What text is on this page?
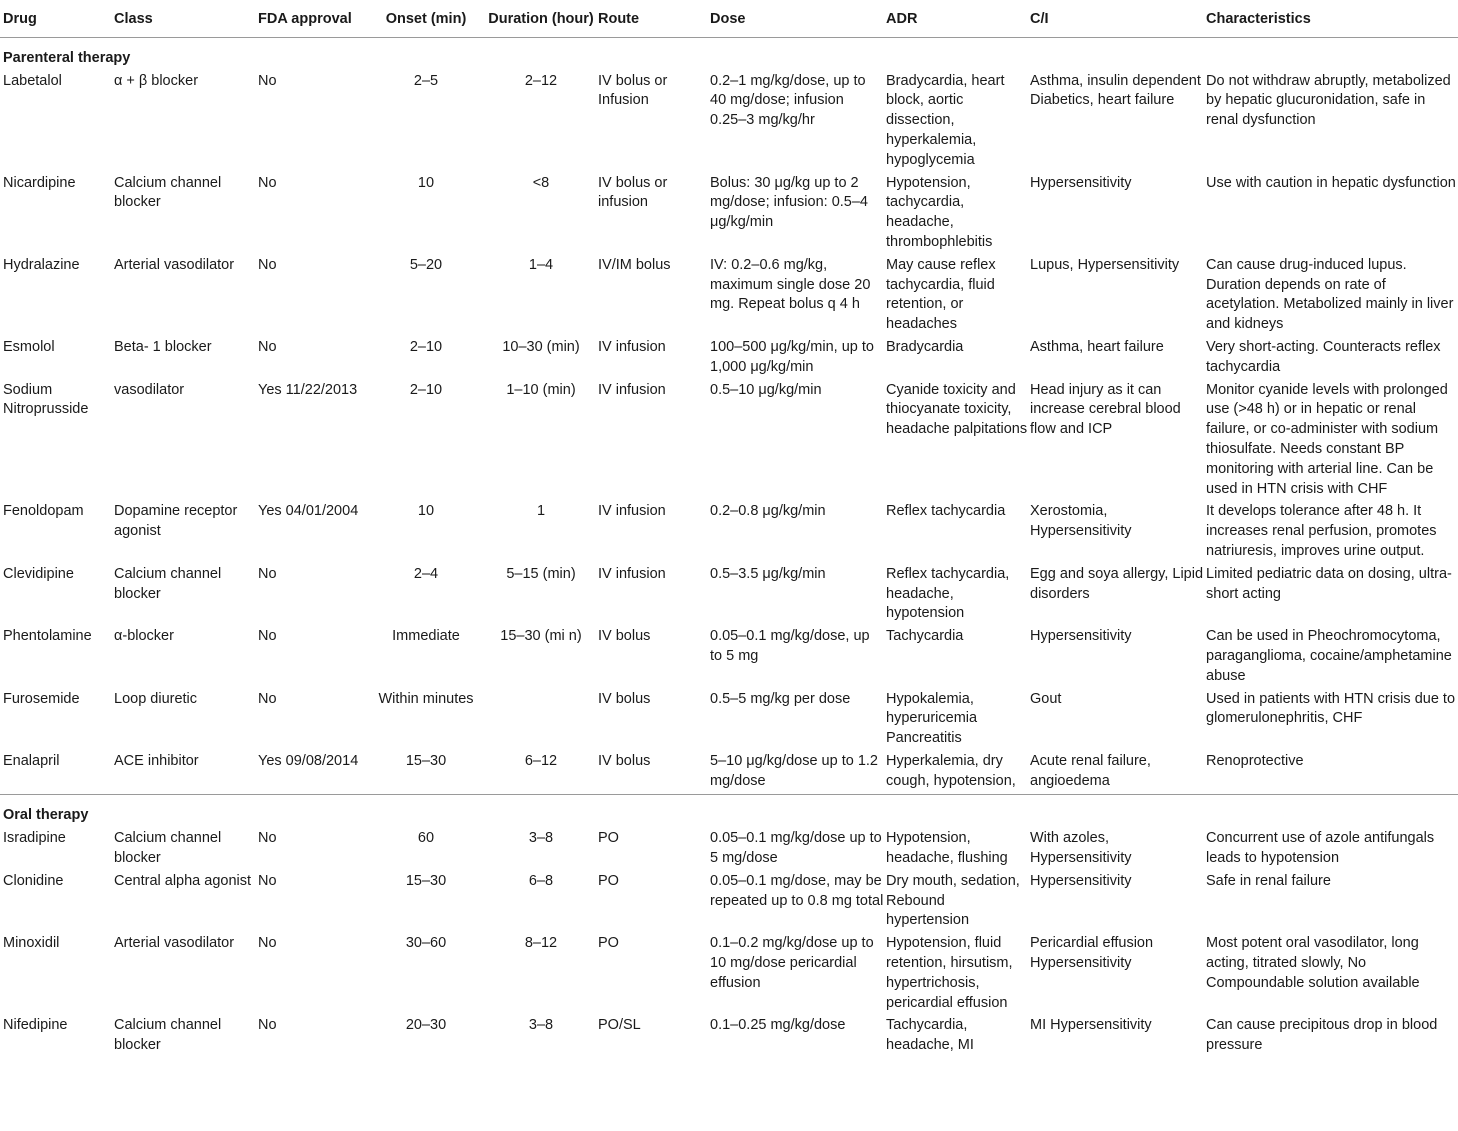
Drug	Class	FDA approval	Onset (min)	Duration (hour)	Route	Dose	ADR	C/I	Characteristics
Parenteral therapy									
Labetalol	α + β blocker	No	2–5	2–12	IV bolus or Infusion	0.2–1 mg/kg/dose, up to 40 mg/dose; infusion 0.25–3 mg/kg/hr	Bradycardia, heart block, aortic dissection, hyperkalemia, hypoglycemia	Asthma, insulin dependent Diabetics, heart failure	Do not withdraw abruptly, metabolized by hepatic glucuronidation, safe in renal dysfunction
Nicardipine	Calcium channel blocker	No	10	<8	IV bolus or infusion	Bolus: 30 μg/kg up to 2 mg/dose; infusion: 0.5–4 μg/kg/min	Hypotension, tachycardia, headache, thrombophlebitis	Hypersensitivity	Use with caution in hepatic dysfunction
Hydralazine	Arterial vasodilator	No	5–20	1–4	IV/IM bolus	IV: 0.2–0.6 mg/kg, maximum single dose 20 mg. Repeat bolus q 4 h	May cause reflex tachycardia, fluid retention, or headaches	Lupus, Hypersensitivity	Can cause drug-induced lupus. Duration depends on rate of acetylation. Metabolized mainly in liver and kidneys
Esmolol	Beta- 1 blocker	No	2–10	10–30 (min)	IV infusion	100–500 μg/kg/min, up to 1,000 μg/kg/min	Bradycardia	Asthma, heart failure	Very short-acting. Counteracts reflex tachycardia
Sodium Nitroprusside	vasodilator	Yes 11/22/2013	2–10	1–10 (min)	IV infusion	0.5–10 μg/kg/min	Cyanide toxicity and thiocyanate toxicity, headache palpitations	Head injury as it can increase cerebral blood flow and ICP	Monitor cyanide levels with prolonged use (>48 h) or in hepatic or renal failure, or co-administer with sodium thiosulfate. Needs constant BP monitoring with arterial line. Can be used in HTN crisis with CHF
Fenoldopam	Dopamine receptor agonist	Yes 04/01/2004	10	1	IV infusion	0.2–0.8 μg/kg/min	Reflex tachycardia	Xerostomia, Hypersensitivity	It develops tolerance after 48 h. It increases renal perfusion, promotes natriuresis, improves urine output.
Clevidipine	Calcium channel blocker	No	2–4	5–15 (min)	IV infusion	0.5–3.5 μg/kg/min	Reflex tachycardia, headache, hypotension	Egg and soya allergy, Lipid disorders	Limited pediatric data on dosing, ultra-short acting
Phentolamine	α-blocker	No	Immediate	15–30 (mi n)	IV bolus	0.05–0.1 mg/kg/dose, up to 5 mg	Tachycardia	Hypersensitivity	Can be used in Pheochromocytoma, paraganglioma, cocaine/amphetamine abuse
Furosemide	Loop diuretic	No	Within minutes		IV bolus	0.5–5 mg/kg per dose	Hypokalemia, hyperuricemia Pancreatitis	Gout	Used in patients with HTN crisis due to glomerulonephritis, CHF
Enalapril	ACE inhibitor	Yes 09/08/2014	15–30	6–12	IV bolus	5–10 μg/kg/dose up to 1.2 mg/dose	Hyperkalemia, dry cough, hypotension,	Acute renal failure, angioedema	Renoprotective
Oral therapy									
Isradipine	Calcium channel blocker	No	60	3–8	PO	0.05–0.1 mg/kg/dose up to 5 mg/dose	Hypotension, headache, flushing	With azoles, Hypersensitivity	Concurrent use of azole antifungals leads to hypotension
Clonidine	Central alpha agonist	No	15–30	6–8	PO	0.05–0.1 mg/dose, may be repeated up to 0.8 mg total	Dry mouth, sedation, Rebound hypertension	Hypersensitivity	Safe in renal failure
Minoxidil	Arterial vasodilator	No	30–60	8–12	PO	0.1–0.2 mg/kg/dose up to 10 mg/dose pericardial effusion	Hypotension, fluid retention, hirsutism, hypertrichosis, pericardial effusion	Pericardial effusion Hypersensitivity	Most potent oral vasodilator, long acting, titrated slowly, No Compoundable solution available
Nifedipine	Calcium channel blocker	No	20–30	3–8	PO/SL	0.1–0.25 mg/kg/dose	Tachycardia, headache, MI	MI Hypersensitivity	Can cause precipitous drop in blood pressure
